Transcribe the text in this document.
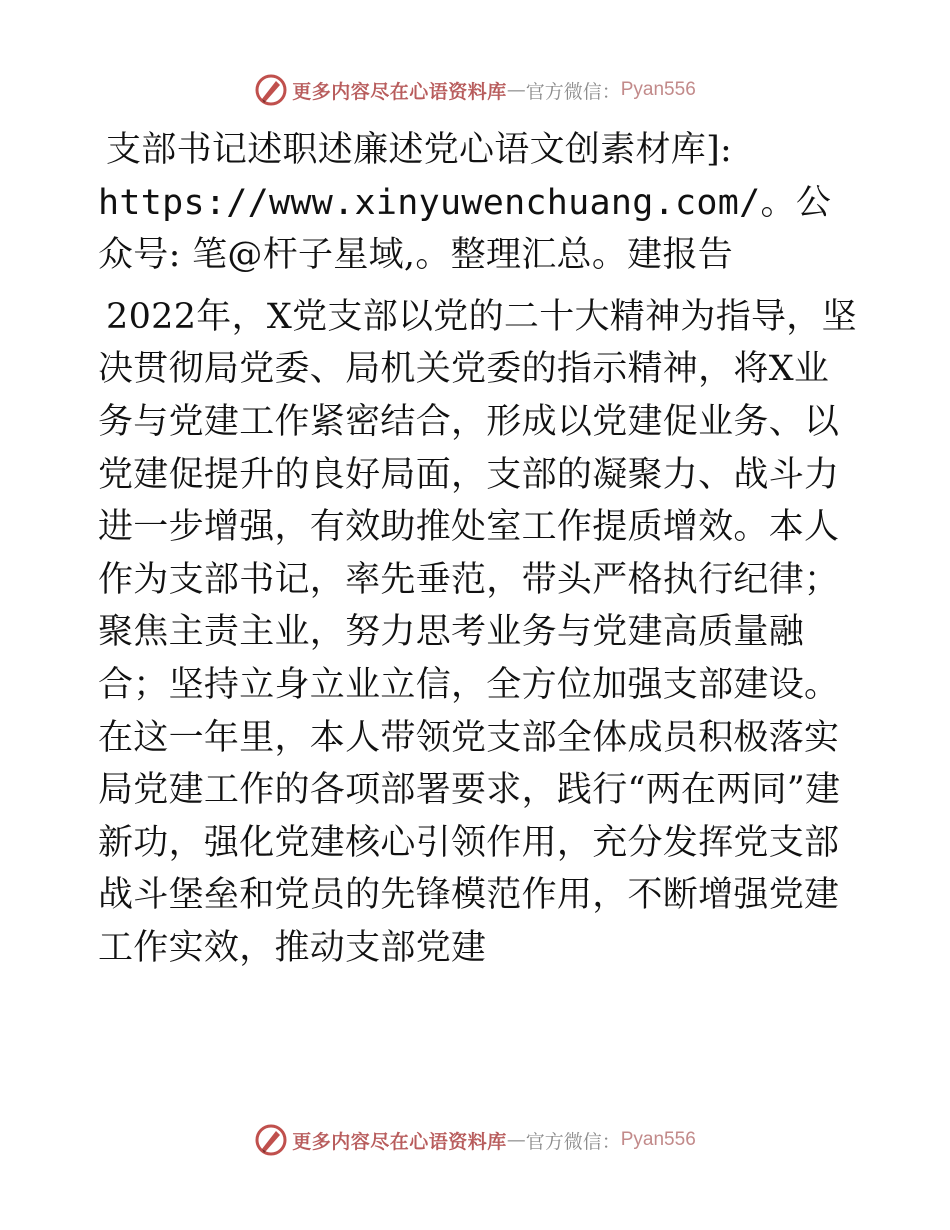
更多内容尽在心语资料库 — 官方微信： Pyan556

支部书记述职述廉述党心语文创素材库]:
https://www.xinyuwenchuang.com/。公众号: 笔@杆子星域,。整理汇总。建报告

2022年，X党支部以党的二十大精神为指导，坚决贯彻局党委、局机关党委的指示精神，将X业务与党建工作紧密结合，形成以党建促业务、以党建促提升的良好局面，支部的凝聚力、战斗力进一步增强，有效助推处室工作提质增效。本人作为支部书记，率先垂范，带头严格执行纪律；聚焦主责主业，努力思考业务与党建高质量融合；坚持立身立业立信，全方位加强支部建设。在这一年里，本人带领党支部全体成员积极落实局党建工作的各项部署要求，践行“两在两同”建新功，强化党建核心引领作用，充分发挥党支部战斗堡垒和党员的先锋模范作用，不断增强党建工作实效，推动支部党建

更多内容尽在心语资料库 — 官方微信： Pyan556
